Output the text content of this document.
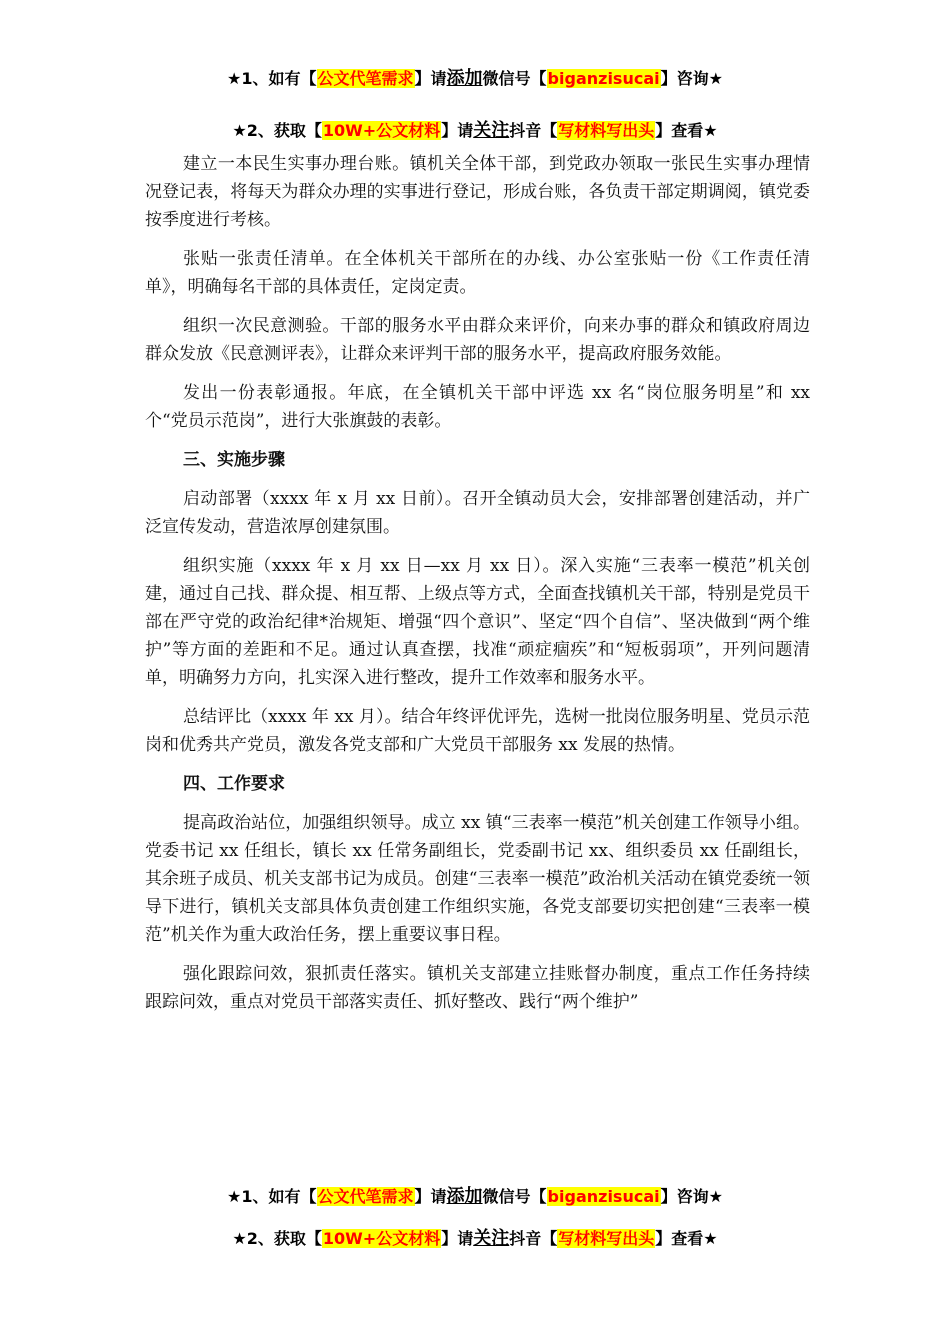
★1、如有【公文代笔需求】请添加微信号【biganzisucai】咨询★
★2、获取【10W+公文材料】请关注抖音【写材料写出头】查看★

建立一本民生实事办理台账。镇机关全体干部，到党政办领取一张民生实事办理情况登记表，将每天为群众办理的实事进行登记，形成台账，各负责干部定期调阅，镇党委按季度进行考核。

张贴一张责任清单。在全体机关干部所在的办线、办公室张贴一份《工作责任清单》，明确每名干部的具体责任，定岗定责。

组织一次民意测验。干部的服务水平由群众来评价，向来办事的群众和镇政府周边群众发放《民意测评表》，让群众来评判干部的服务水平，提高政府服务效能。

发出一份表彰通报。年底，在全镇机关干部中评选 xx 名“岗位服务明星”和 xx 个“党员示范岗”，进行大张旗鼓的表彰。

三、实施步骤

启动部署（xxxx 年 x 月 xx 日前）。召开全镇动员大会，安排部署创建活动，并广泛宣传发动，营造浓厚创建氛围。

组织实施（xxxx 年 x 月 xx 日—xx 月 xx 日）。深入实施“三表率一模范”机关创建，通过自己找、群众提、相互帮、上级点等方式，全面查找镇机关干部，特别是党员干部在严守党的政治纪律*治规矩、增强“四个意识”、坚定“四个自信”、坚决做到“两个维护”等方面的差距和不足。通过认真查摆，找准“顽症痼疾”和“短板弱项”，开列问题清单，明确努力方向，扎实深入进行整改，提升工作效率和服务水平。

总结评比（xxxx 年 xx 月）。结合年终评优评先，选树一批岗位服务明星、党员示范岗和优秀共产党员，激发各党支部和广大党员干部服务 xx 发展的热情。

四、工作要求

提高政治站位，加强组织领导。成立 xx 镇“三表率一模范”机关创建工作领导小组。党委书记 xx 任组长，镇长 xx 任常务副组长，党委副书记 xx、组织委员 xx 任副组长，其余班子成员、机关支部书记为成员。创建“三表率一模范”政治机关活动在镇党委统一领导下进行，镇机关支部具体负责创建工作组织实施，各党支部要切实把创建“三表率一模范”机关作为重大政治任务，摆上重要议事日程。

强化跟踪问效，狠抓责任落实。镇机关支部建立挂账督办制度，重点工作任务持续跟踪问效，重点对党员干部落实责任、抓好整改、践行“两个维护”

★1、如有【公文代笔需求】请添加微信号【biganzisucai】咨询★
★2、获取【10W+公文材料】请关注抖音【写材料写出头】查看★
